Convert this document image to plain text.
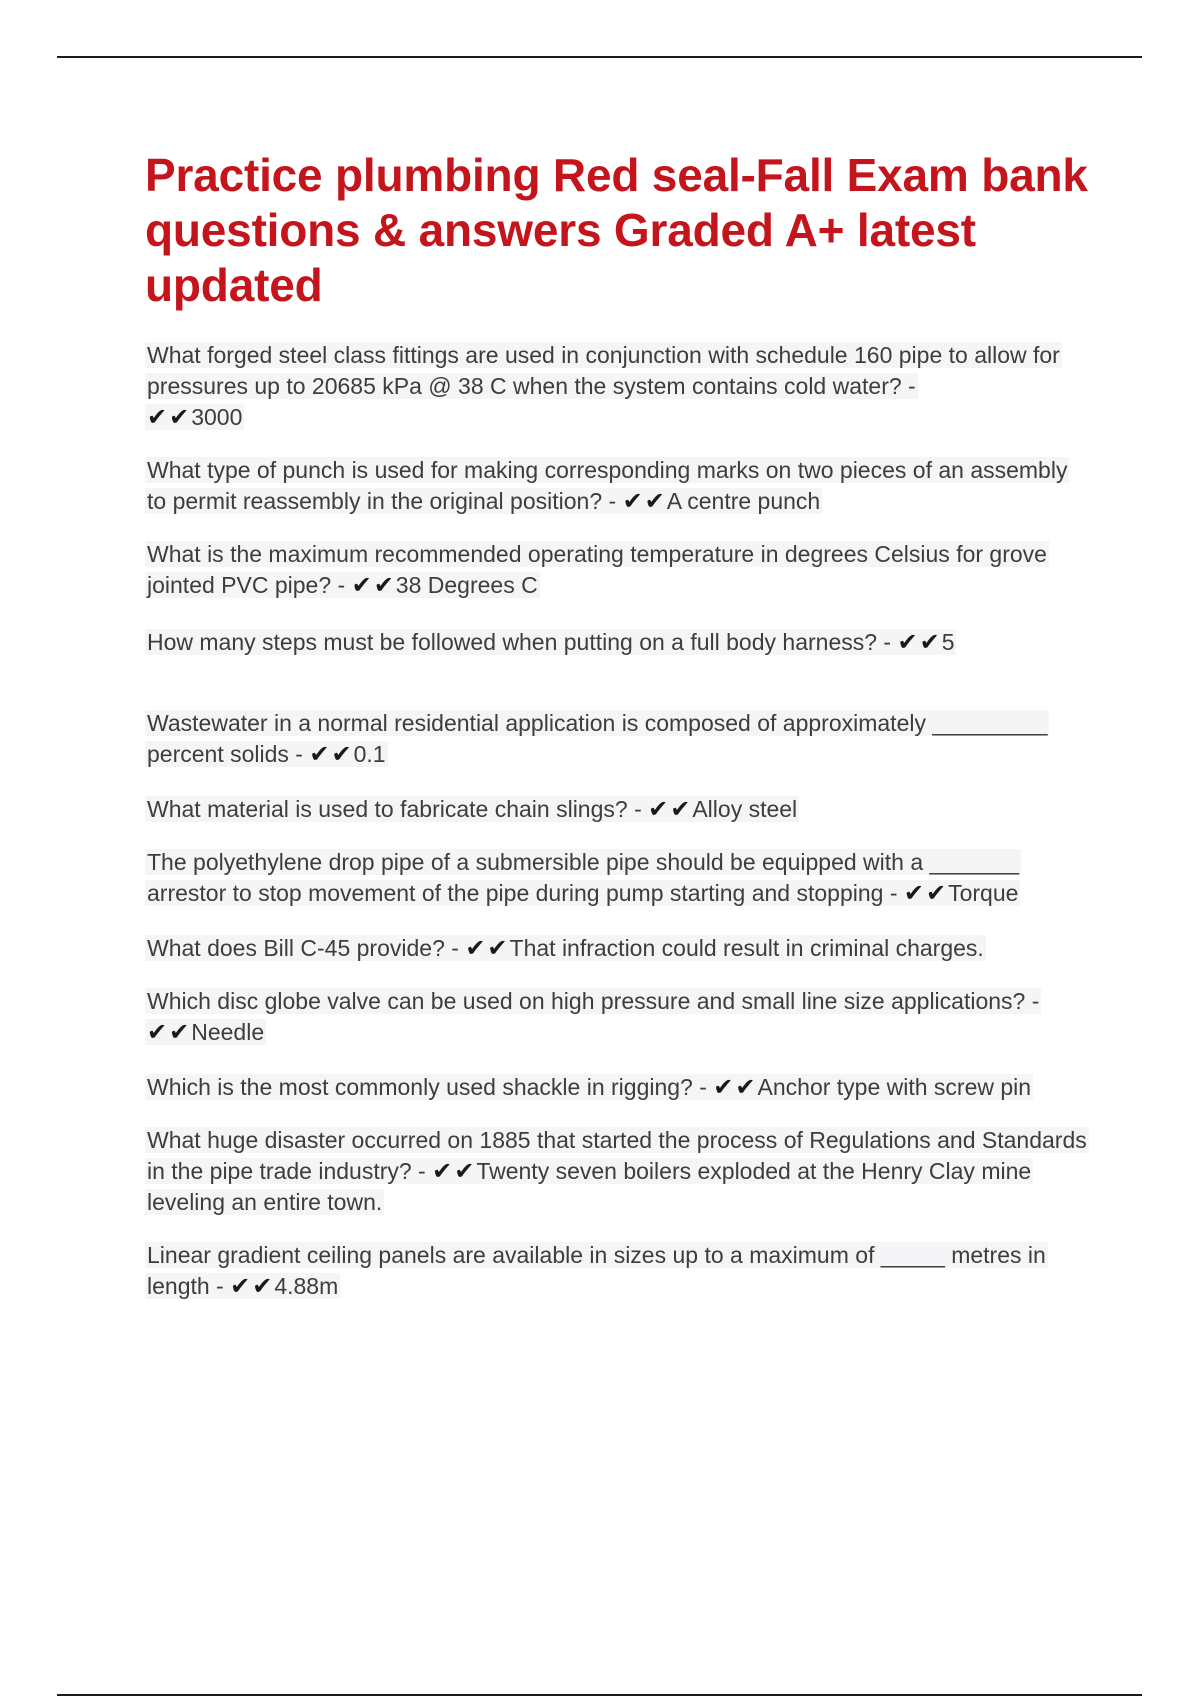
Practice plumbing Red seal-Fall Exam bank questions & answers Graded A+ latest updated

What forged steel class fittings are used in conjunction with schedule 160 pipe to allow for pressures up to 20685 kPa @ 38 C when the system contains cold water? -
✔✔3000

What type of punch is used for making corresponding marks on two pieces of an assembly to permit reassembly in the original position? - ✔✔A centre punch

What is the maximum recommended operating temperature in degrees Celsius for grove jointed PVC pipe? - ✔✔38 Degrees C

How many steps must be followed when putting on a full body harness? - ✔✔5

Wastewater in a normal residential application is composed of approximately _________ percent solids - ✔✔0.1

What material is used to fabricate chain slings? - ✔✔Alloy steel

The polyethylene drop pipe of a submersible pipe should be equipped with a _______ arrestor to stop movement of the pipe during pump starting and stopping - ✔✔Torque

What does Bill C-45 provide? - ✔✔That infraction could result in criminal charges.

Which disc globe valve can be used on high pressure and small line size applications? -
✔✔Needle

Which is the most commonly used shackle in rigging? - ✔✔Anchor type with screw pin

What huge disaster occurred on 1885 that started the process of Regulations and Standards in the pipe trade industry? - ✔✔Twenty seven boilers exploded at the Henry Clay mine leveling an entire town.

Linear gradient ceiling panels are available in sizes up to a maximum of _____ metres in length - ✔✔4.88m
